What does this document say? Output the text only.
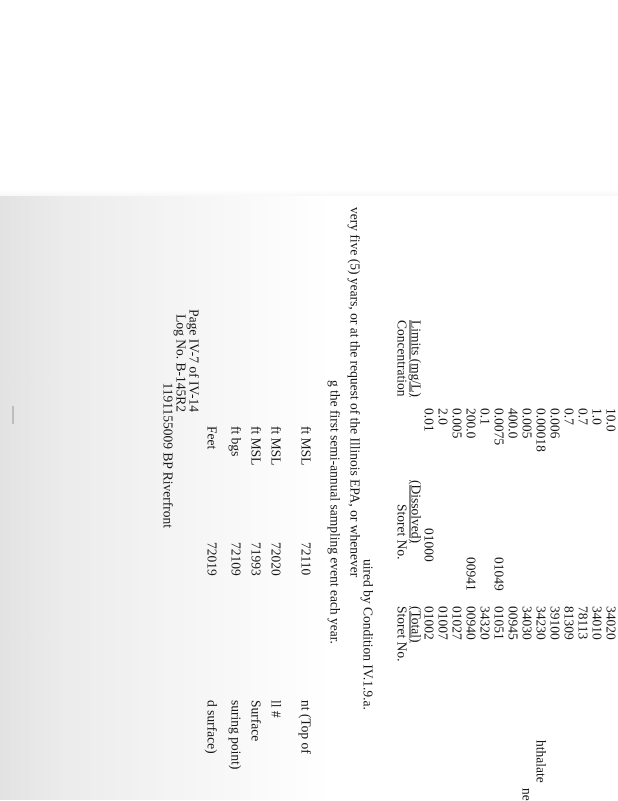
1191155009 BP Riverfront
Log No. B-145R2
Page IV-7 of IV-14
d surface)
72019
Feet
suring point)
72109
ft bgs
Surface
71993
ft MSL
ll #
72020
ft MSL
nt (Top of
72110
ft MSL g the first semi-annual sampling event each year. very five (5) years, or at the request of the Illinois EPA, or whenever
uired by Condition IV.1.9.a. Storet No. (Total)
Storet No. (Dissolved)
Concentration Limits (mg/L)
01002
01000
0.01
01007
2.0
01027
0.005
00940
00941
200.0
34320
0.1
01051
01049
0.0075
00945
400.0
ne
34030
0.005
hthalate
34230
0.00018
39100
0.006
81309
0.7
78113
0.7
34010
1.0
34020
10.0
